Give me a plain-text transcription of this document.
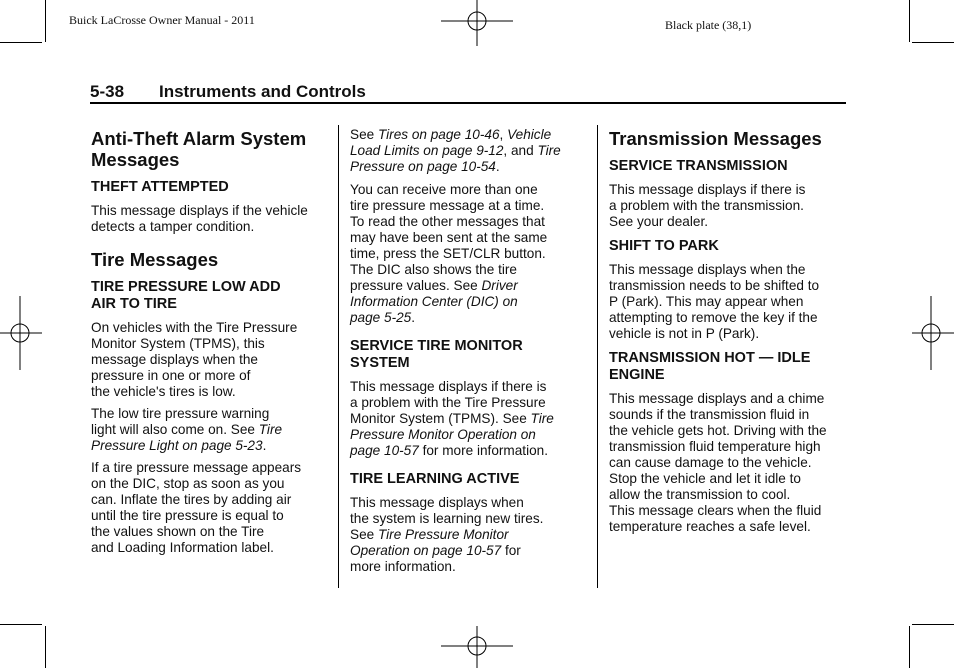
Buick LaCrosse Owner Manual - 2011	Black plate (38,1)
5-38 Instruments and Controls
Anti-Theft Alarm System
Messages
THEFT ATTEMPTED

This message displays if the vehicle
detects a tamper condition.

Tire Messages
TIRE PRESSURE LOW ADD
AIR TO TIRE

On vehicles with the Tire Pressure
Monitor System (TPMS), this
message displays when the
pressure in one or more of
the vehicle's tires is low.

The low tire pressure warning
light will also come on. See Tire
Pressure Light on page 5-23.

If a tire pressure message appears
on the DIC, stop as soon as you
can. Inflate the tires by adding air
until the tire pressure is equal to
the values shown on the Tire
and Loading Information label.

See Tires on page 10-46, Vehicle
Load Limits on page 9-12, and Tire
Pressure on page 10-54.

You can receive more than one
tire pressure message at a time.
To read the other messages that
may have been sent at the same
time, press the SET/CLR button.
The DIC also shows the tire
pressure values. See Driver
Information Center (DIC) on
page 5-25.

SERVICE TIRE MONITOR
SYSTEM

This message displays if there is
a problem with the Tire Pressure
Monitor System (TPMS). See Tire
Pressure Monitor Operation on
page 10-57 for more information.

TIRE LEARNING ACTIVE

This message displays when
the system is learning new tires.
See Tire Pressure Monitor
Operation on page 10-57 for
more information.

Transmission Messages
SERVICE TRANSMISSION

This message displays if there is
a problem with the transmission.
See your dealer.

SHIFT TO PARK

This message displays when the
transmission needs to be shifted to
P (Park). This may appear when
attempting to remove the key if the
vehicle is not in P (Park).

TRANSMISSION HOT — IDLE
ENGINE

This message displays and a chime
sounds if the transmission fluid in
the vehicle gets hot. Driving with the
transmission fluid temperature high
can cause damage to the vehicle.
Stop the vehicle and let it idle to
allow the transmission to cool.
This message clears when the fluid
temperature reaches a safe level.
